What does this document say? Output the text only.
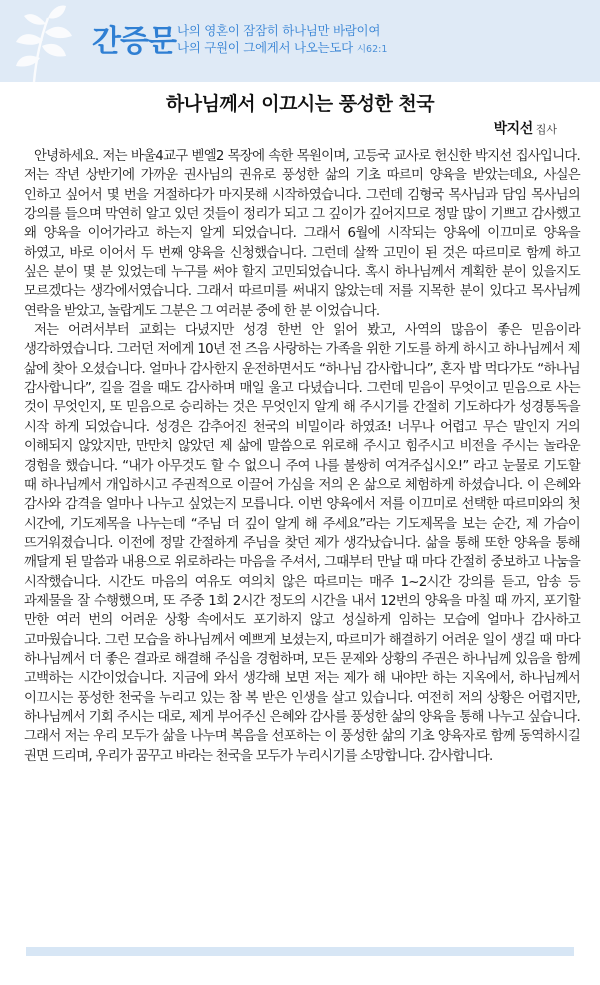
간증문 나의 영혼이 잠잠히 하나님만 바람이여
나의 구원이 그에게서 나오는도다 시62:1
하나님께서 이끄시는 풍성한 천국
박지선 집사

안녕하세요. 저는 바울4교구 벧엘2 목장에 속한 목원이며, 고등국 교사로 헌신한 박지선 집사입니다. 저는 작년 상반기에 가까운 권사님의 권유로 풍성한 삶의 기초 따르미 양육을 받았는데요, 사실은 인하고 싶어서 몇 번을 거절하다가 마지못해 시작하였습니다. 그런데 김형국 목사님과 담임 목사님의 강의를 들으며 막연히 알고 있던 것들이 정리가 되고 그 깊이가 깊어지므로 정말 많이 기쁘고 감사했고 왜 양육을 이어가라고 하는지 알게 되었습니다. 그래서 6월에 시작되는 양육에 이끄미로 양육을 하였고, 바로 이어서 두 번째 양육을 신청했습니다. 그런데 살짝 고민이 된 것은 따르미로 함께 하고 싶은 분이 몇 분 있었는데 누구를 써야 할지 고민되었습니다. 혹시 하나님께서 계획한 분이 있을지도 모르겠다는 생각에서였습니다. 그래서 따르미를 써내지 않았는데 저를 지목한 분이 있다고 목사님께 연락을 받았고, 놀랍게도 그분은 그 여러분 중에 한 분 이었습니다.

저는 어려서부터 교회는 다녔지만 성경 한번 안 읽어 봤고, 사역의 많음이 좋은 믿음이라 생각하였습니다. 그러던 저에게 10년 전 즈음 사랑하는 가족을 위한 기도를 하게 하시고 하나님께서 제 삶에 찾아 오셨습니다. 얼마나 감사한지 운전하면서도 “하나님 감사합니다”, 혼자 밥 먹다가도 “하나님 감사합니다”, 길을 걸을 때도 감사하며 매일 울고 다녔습니다. 그런데 믿음이 무엇이고 믿음으로 사는 것이 무엇인지, 또 믿음으로 승리하는 것은 무엇인지 알게 해 주시기를 간절히 기도하다가 성경통독을 시작 하게 되었습니다. 성경은 감추어진 천국의 비밀이라 하였죠! 너무나 어렵고 무슨 말인지 거의 이해되지 않았지만, 만만치 않았던 제 삶에 말씀으로 위로해 주시고 힘주시고 비전을 주시는 놀라운 경험을 했습니다. “내가 아무것도 할 수 없으니 주여 나를 불쌍히 여겨주십시오!” 라고 눈물로 기도할 때 하나님께서 개입하시고 주권적으로 이끌어 가심을 저의 온 삶으로 체험하게 하셨습니다. 이 은혜와 감사와 감격을 얼마나 나누고 싶었는지 모릅니다. 이번 양육에서 저를 이끄미로 선택한 따르미와의 첫 시간에, 기도제목을 나누는데 “주님 더 깊이 알게 해 주세요”라는 기도제목을 보는 순간, 제 가슴이 뜨거워졌습니다. 이전에 정말 간절하게 주님을 찾던 제가 생각났습니다. 삶을 통해 또한 양육을 통해 깨달게 된 말씀과 내용으로 위로하라는 마음을 주셔서, 그때부터 만날 때 마다 간절히 중보하고 나눔을 시작했습니다. 시간도 마음의 여유도 여의치 않은 따르미는 매주 1~2시간 강의를 듣고, 암송 등 과제물을 잘 수행했으며, 또 주중 1회 2시간 정도의 시간을 내서 12번의 양육을 마칠 때 까지, 포기할 만한 여러 번의 어려운 상황 속에서도 포기하지 않고 성실하게 임하는 모습에 얼마나 감사하고 고마웠습니다. 그런 모습을 하나님께서 예쁘게 보셨는지, 따르미가 해결하기 어려운 일이 생길 때 마다 하나님께서 더 좋은 결과로 해결해 주심을 경험하며, 모든 문제와 상황의 주권은 하나님께 있음을 함께 고백하는 시간이었습니다. 지금에 와서 생각해 보면 저는 제가 해 내야만 하는 지옥에서, 하나님께서 이끄시는 풍성한 천국을 누리고 있는 참 복 받은 인생을 살고 있습니다. 여전히 저의 상황은 어렵지만, 하나님께서 기회 주시는 대로, 제게 부어주신 은혜와 감사를 풍성한 삶의 양육을 통해 나누고 싶습니다. 그래서 저는 우리 모두가 삶을 나누며 복음을 선포하는 이 풍성한 삶의 기초 양육자로 함께 동역하시길 권면 드리며, 우리가 꿈꾸고 바라는 천국을 모두가 누리시기를 소망합니다. 감사합니다.
